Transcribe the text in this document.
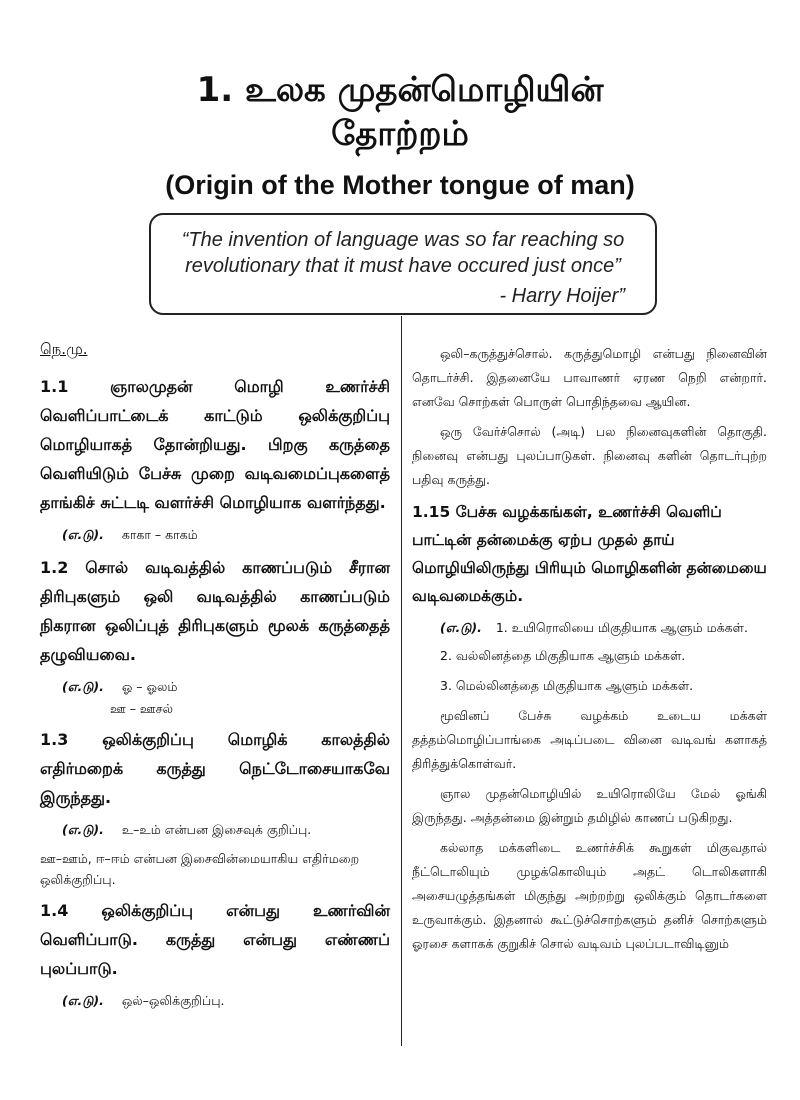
1. உலக முதன்மொழியின்
தோற்றம்
(Origin of the Mother tongue of man)
“The invention of language was so far reaching so
revolutionary that it must have occured just once”
- Harry Hoijer”
நெ.மு.
1.1 ஞாலமுதன் மொழி உணர்ச்சி வெளிப்பாட்டைக் காட்டும் ஒலிக்குறிப்பு மொழியாகத் தோன்றியது. பிறகு கருத்தை வெளியிடும் பேச்சு முறை வடிவமைப்புகளைத் தாங்கிச் சுட்டடி வளர்ச்சி மொழியாக வளர்ந்தது.
(எ.டு). காகா – காகம்
1.2 சொல் வடிவத்தில் காணப்படும் சீரான திரிபுகளும் ஒலி வடிவத்தில் காணப்படும் நிகரான ஒலிப்புத் திரிபுகளும் மூலக் கருத்தைத் தழுவியவை.
(எ.டு). ஓ – ஓலம்
ஊ – ஊசல்
1.3 ஒலிக்குறிப்பு மொழிக் காலத்தில் எதிர்மறைக் கருத்து நெட்டோசையாகவே இருந்தது.
(எ.டு). உ–உம் என்பன இசைவுக் குறிப்பு.
ஊ–ஊம், ஈ–ஈம் என்பன இசைவின்மையாகிய எதிர்மறை ஒலிக்குறிப்பு.
1.4 ஒலிக்குறிப்பு என்பது உணர்வின் வெளிப்பாடு. கருத்து என்பது எண்ணப் புலப்பாடு.
(எ.டு). ஒல்–ஒலிக்குறிப்பு.
ஒலி–கருத்துச்சொல். கருத்துமொழி என்பது நினைவின் தொடர்ச்சி. இதனையே பாவாணர் ஏரண நெறி என்றார். எனவே சொற்கள் பொருள் பொதிந்தவை ஆயின.
ஒரு வேர்ச்சொல் (அடி) பல நினைவுகளின் தொகுதி. நினைவு என்பது புலப்பாடுகள். நினைவு களின் தொடர்புற்ற பதிவு கருத்து.
1.15 பேச்சு வழக்கங்கள், உணர்ச்சி வெளிப் பாட்டின் தன்மைக்கு ஏற்ப முதல் தாய் மொழியிலிருந்து பிரியும் மொழிகளின் தன்மையை வடிவமைக்கும்.
(எ.டு). 1. உயிரொலியை மிகுதியாக ஆளும் மக்கள்.
2. வல்லினத்தை மிகுதியாக ஆளும் மக்கள்.
3. மெல்லினத்தை மிகுதியாக ஆளும் மக்கள்.
மூவினப் பேச்சு வழக்கம் உடைய மக்கள் தத்தம்மொழிப்பாங்கை அடிப்படை வினை வடிவங் களாகத் திரித்துக்கொள்வர்.
ஞால முதன்மொழியில் உயிரொலியே மேல் ஓங்கி இருந்தது. அத்தன்மை இன்றும் தமிழில் காணப் படுகிறது.
கல்லாத மக்களிடை உணர்ச்சிக் கூறுகள் மிகுவதால் நீட்டொலியும் முழக்கொலியும் அதட் டொலிகளாகி அசையழுத்தங்கள் மிகுந்து அற்றற்று ஒலிக்கும் தொடர்களை உருவாக்கும். இதனால் கூட்டுச்சொற்களும் தனிச் சொற்களும் ஓரசை களாகக் குறுகிச் சொல் வடிவம் புலப்படாவிடினும்
